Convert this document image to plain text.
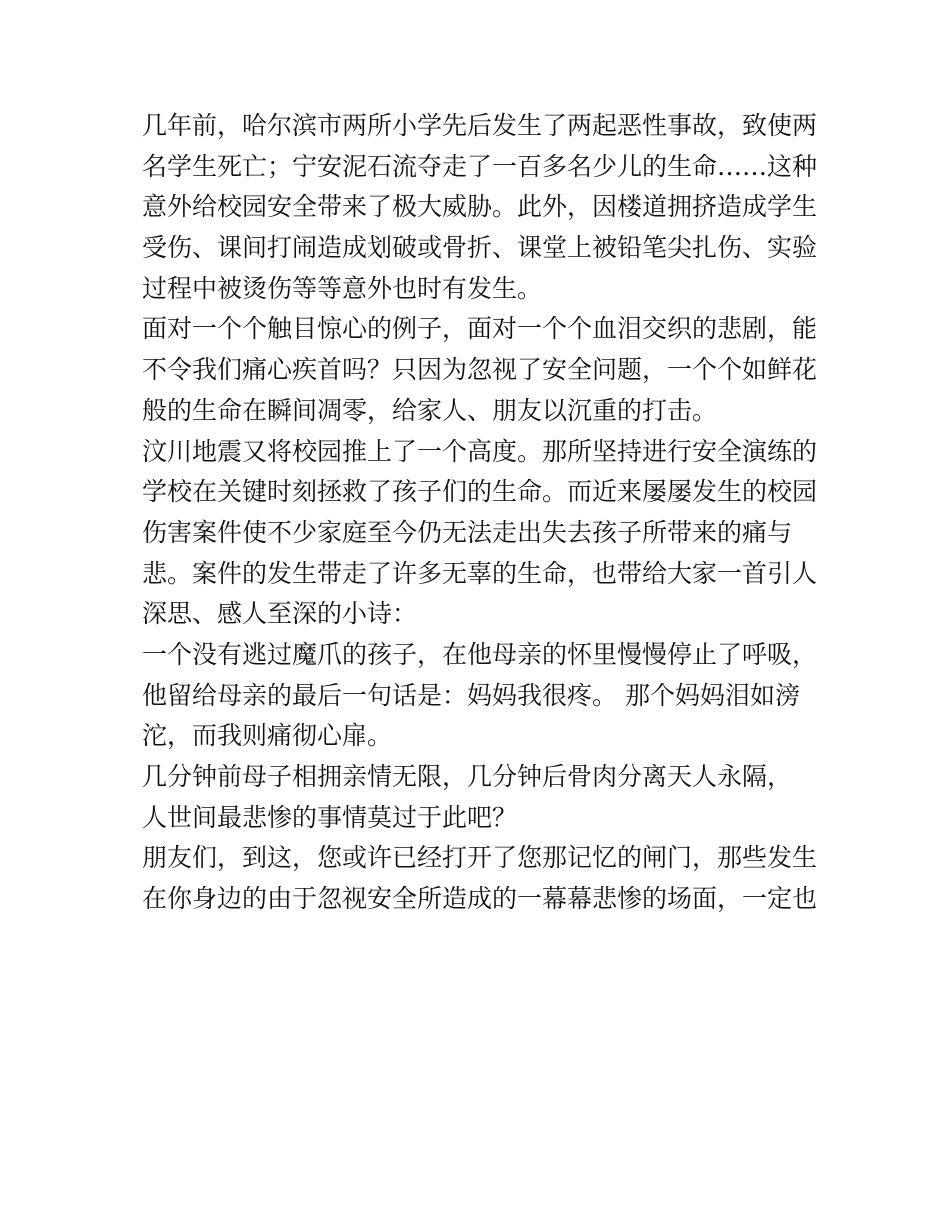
几年前，哈尔滨市两所小学先后发生了两起恶性事故，致使两
名学生死亡；宁安泥石流夺走了一百多名少儿的生命……这种
意外给校园安全带来了极大威胁。此外，因楼道拥挤造成学生
受伤、课间打闹造成划破或骨折、课堂上被铅笔尖扎伤、实验
过程中被烫伤等等意外也时有发生。
面对一个个触目惊心的例子，面对一个个血泪交织的悲剧，能
不令我们痛心疾首吗？只因为忽视了安全问题，一个个如鲜花
般的生命在瞬间凋零，给家人、朋友以沉重的打击。
汶川地震又将校园推上了一个高度。那所坚持进行安全演练的
学校在关键时刻拯救了孩子们的生命。而近来屡屡发生的校园
伤害案件使不少家庭至今仍无法走出失去孩子所带来的痛与
悲。案件的发生带走了许多无辜的生命，也带给大家一首引人
深思、感人至深的小诗：
一个没有逃过魔爪的孩子，在他母亲的怀里慢慢停止了呼吸，
他留给母亲的最后一句话是：妈妈我很疼。 那个妈妈泪如滂
沱，而我则痛彻心扉。
几分钟前母子相拥亲情无限，几分钟后骨肉分离天人永隔，
人世间最悲惨的事情莫过于此吧？
朋友们，到这，您或许已经打开了您那记忆的闸门，那些发生
在你身边的由于忽视安全所造成的一幕幕悲惨的场面，一定也
